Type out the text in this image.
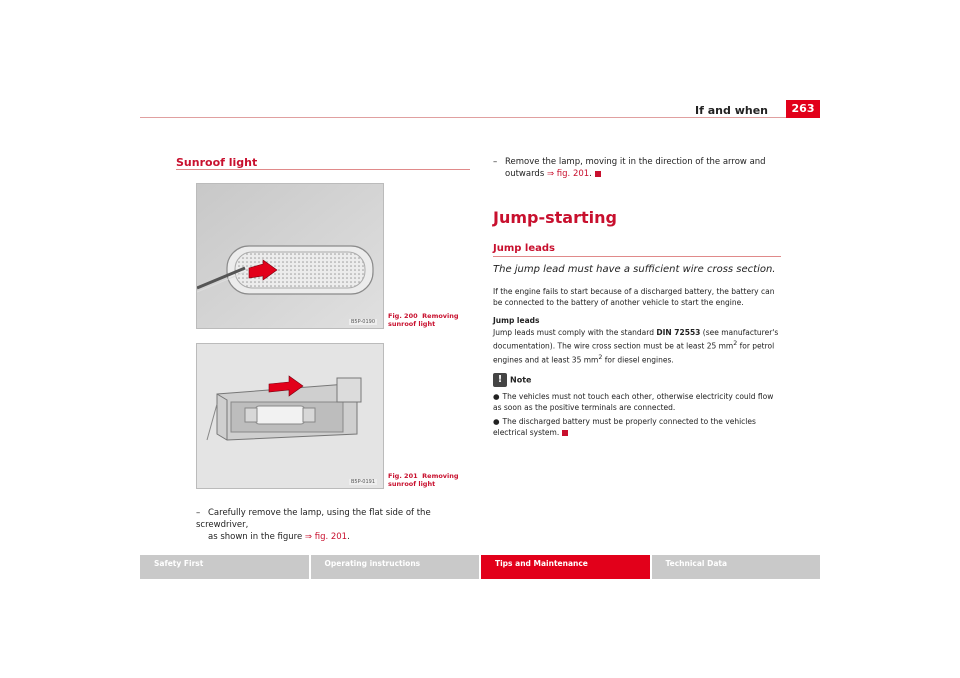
If and when	263
Sunroof light
B5P-0190
Fig. 200 Removing sunroof light
B5P-0191
Fig. 201 Removing sunroof light
– Carefully remove the lamp, using the flat side of the screwdriver,
as shown in the figure ⇒ fig. 201.
– Remove the lamp, moving it in the direction of the arrow and
outwards ⇒ fig. 201.
Jump-starting
Jump leads
The jump lead must have a sufficient wire cross section.
If the engine fails to start because of a discharged battery, the battery can be connected to the battery of another vehicle to start the engine.
Jump leads
Jump leads must comply with the standard DIN 72553 (see manufacturer's documentation). The wire cross section must be at least 25 $mm^2$ for petrol engines and at least 35 $mm^2$ for diesel engines.
! Note
● The vehicles must not touch each other, otherwise electricity could flow as soon as the positive terminals are connected.
● The discharged battery must be properly connected to the vehicles electrical system.
Safety First	Operating instructions	Tips and Maintenance	Technical Data
